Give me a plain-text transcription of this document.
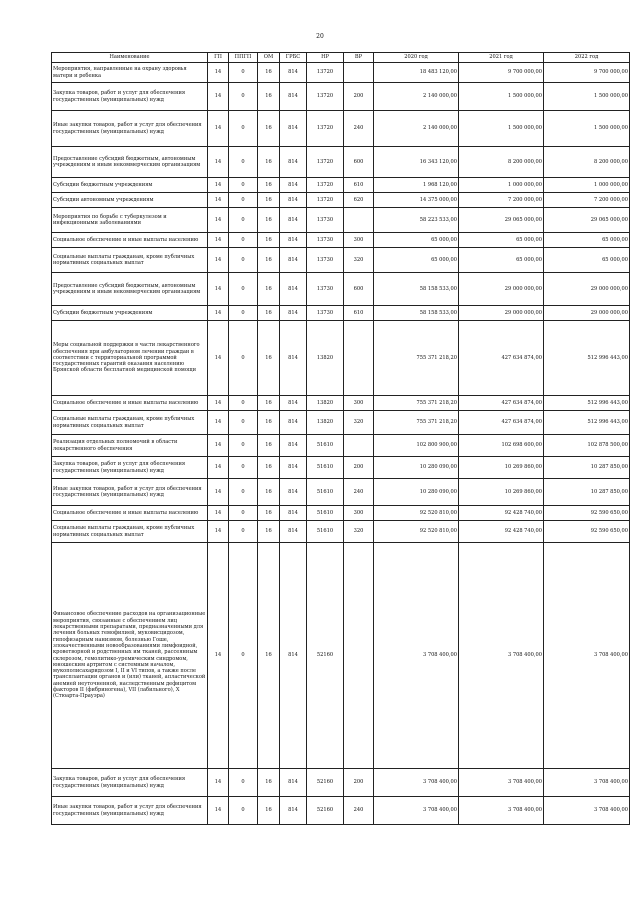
20
Наименование	ГП	ППГП	ОМ	ГРБС	НР	ВР	2020 год	2021 год	2022 год
Мероприятия, направленные на охрану здоровья матери и ребенка	14	0	16	814	13720		18 483 120,00	9 700 000,00	9 700 000,00
Закупка товаров, работ и услуг для обеспечения государственных (муниципальных) нужд	14	0	16	814	13720	200	2 140 000,00	1 500 000,00	1 500 000,00
Иные закупки товаров, работ и услуг для обеспечения государственных (муниципальных) нужд	14	0	16	814	13720	240	2 140 000,00	1 500 000,00	1 500 000,00
Предоставление субсидий бюджетным, автономным учреждениям и иным некоммерческим организациям	14	0	16	814	13720	600	16 343 120,00	8 200 000,00	8 200 000,00
Субсидии бюджетным учреждениям	14	0	16	814	13720	610	1 968 120,00	1 000 000,00	1 000 000,00
Субсидии автономным учреждениям	14	0	16	814	13720	620	14 375 000,00	7 200 000,00	7 200 000,00
Мероприятия по борьбе с туберкулезом и инфекционными заболеваниями	14	0	16	814	13730		58 223 533,00	29 065 000,00	29 065 000,00
Социальное обеспечение и иные выплаты населению	14	0	16	814	13730	300	65 000,00	65 000,00	65 000,00
Социальные выплаты гражданам, кроме публичных нормативных социальных выплат	14	0	16	814	13730	320	65 000,00	65 000,00	65 000,00
Предоставление субсидий бюджетным, автономным учреждениям и иным некоммерческим организациям	14	0	16	814	13730	600	58 158 533,00	29 000 000,00	29 000 000,00
Субсидии бюджетным учреждениям	14	0	16	814	13730	610	58 158 533,00	29 000 000,00	29 000 000,00
Меры социальной поддержки в части лекарственного обеспечения при амбулаторном лечении граждан в соответствии с территориальной программой государственных гарантий оказания населению Брянской области бесплатной медицинской помощи	14	0	16	814	13820		755 371 218,20	427 634 874,00	512 996 443,00
Социальное обеспечение и иные выплаты населению	14	0	16	814	13820	300	755 371 218,20	427 634 874,00	512 996 443,00
Социальные выплаты гражданам, кроме публичных нормативных социальных выплат	14	0	16	814	13820	320	755 371 218,20	427 634 874,00	512 996 443,00
Реализация отдельных полномочий в области лекарственного обеспечения	14	0	16	814	51610		102 800 900,00	102 698 600,00	102 878 500,00
Закупка товаров, работ и услуг для обеспечения государственных (муниципальных) нужд	14	0	16	814	51610	200	10 280 090,00	10 269 860,00	10 287 850,00
Иные закупки товаров, работ и услуг для обеспечения государственных (муниципальных) нужд	14	0	16	814	51610	240	10 280 090,00	10 269 860,00	10 287 850,00
Социальное обеспечение и иные выплаты населению	14	0	16	814	51610	300	92 520 810,00	92 428 740,00	92 590 650,00
Социальные выплаты гражданам, кроме публичных нормативных социальных выплат	14	0	16	814	51610	320	92 520 810,00	92 428 740,00	92 590 650,00
Финансовое обеспечение расходов на организационные мероприятия, связанные с обеспечением лиц лекарственными препаратами, предназначенными для лечения больных гемофилией, муковисцидозом, гипофизарным нанизмом, болезнью Гоше, злокачественными новообразованиями лимфоидной, кроветворной и родственных им тканей, рассеянным склерозом, гемолитико-уремическим синдромом, юношеским артритом с системным началом, мукополисахаридозом I, II и VI типов, а также после трансплантации органов и (или) тканей, апластической анемией неуточненной, наследственным дефицитом факторов II (фибриногена), VII (лабильного), X (Стюарта-Прауэра)	14	0	16	814	52160		3 708 400,00	3 708 400,00	3 708 400,00
Закупка товаров, работ и услуг для обеспечения государственных (муниципальных) нужд	14	0	16	814	52160	200	3 708 400,00	3 708 400,00	3 708 400,00
Иные закупки товаров, работ и услуг для обеспечения государственных (муниципальных) нужд	14	0	16	814	52160	240	3 708 400,00	3 708 400,00	3 708 400,00
